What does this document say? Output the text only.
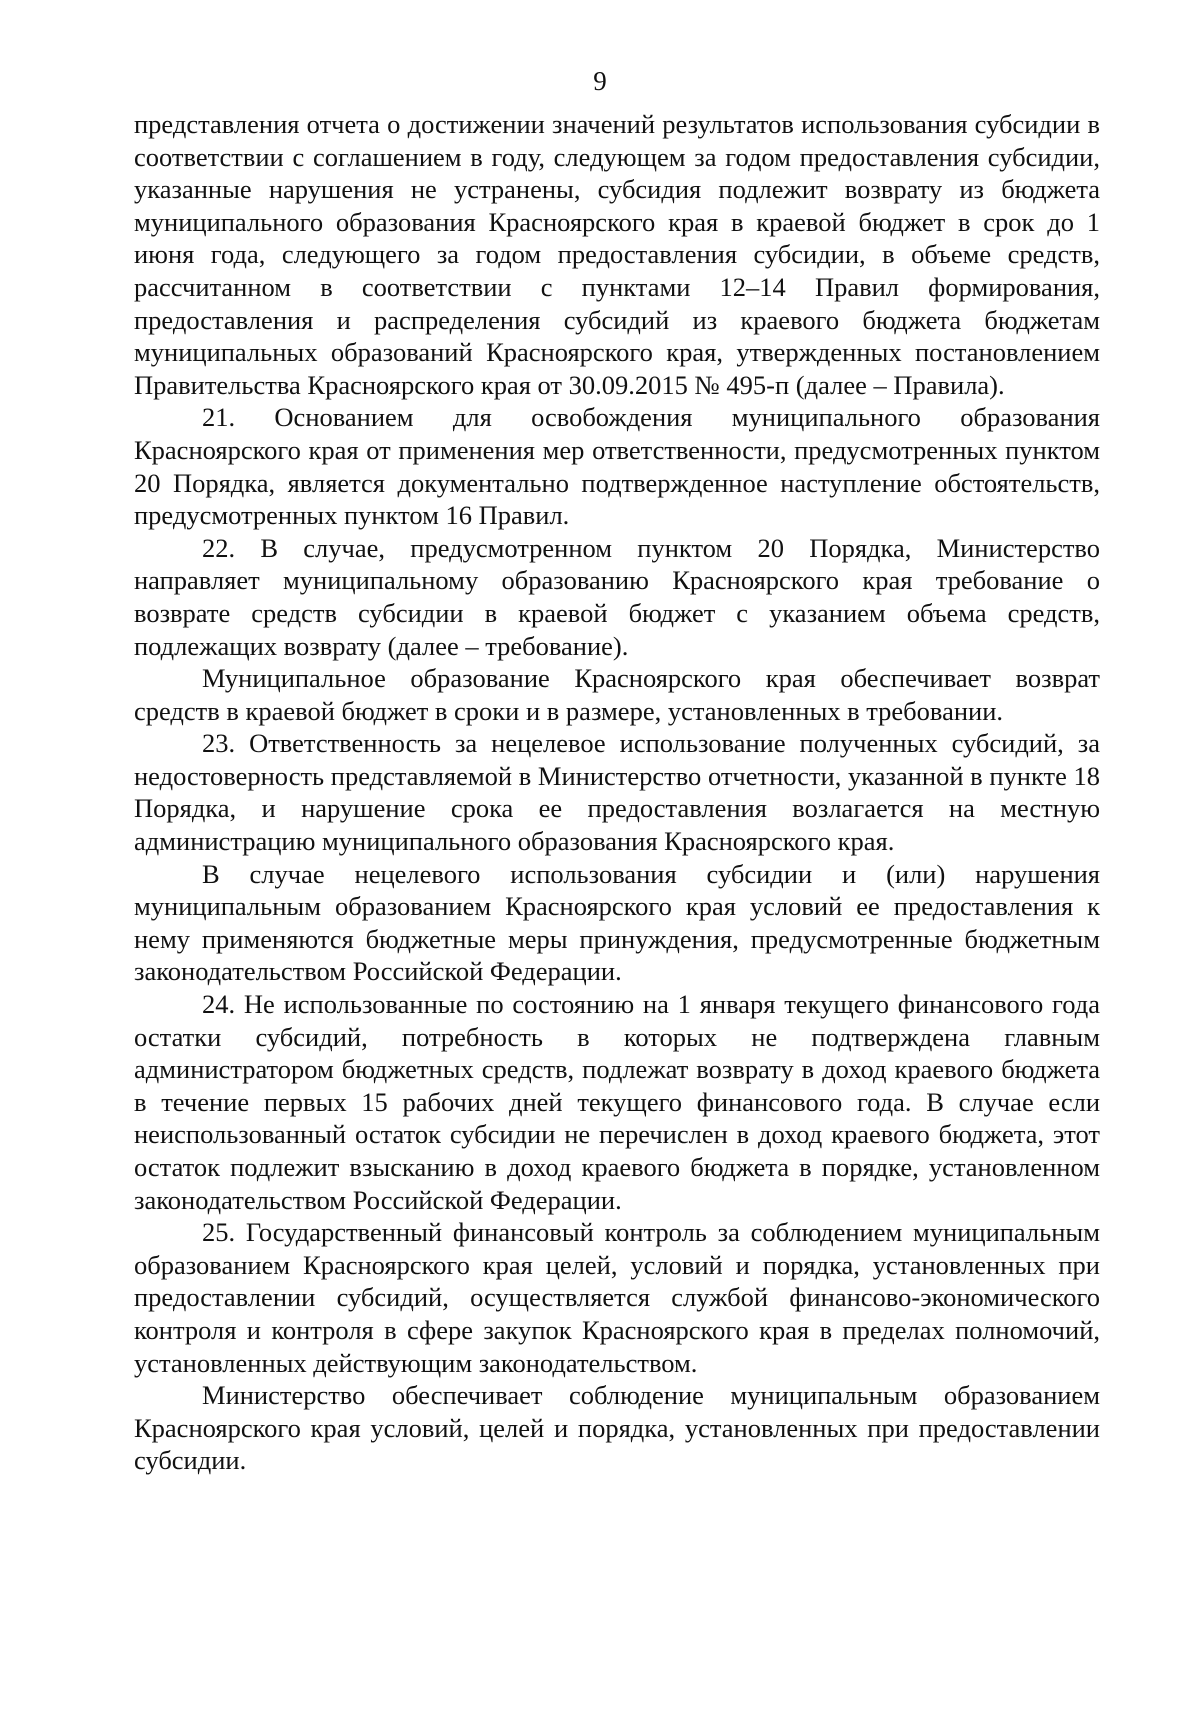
9

представления отчета о достижении значений результатов использования субсидии в соответствии с соглашением в году, следующем за годом предоставления субсидии, указанные нарушения не устранены, субсидия подлежит возврату из бюджета муниципального образования Красноярского края в краевой бюджет в срок до 1 июня года, следующего за годом предоставления субсидии, в объеме средств, рассчитанном в соответствии с пунктами 12–14 Правил формирования, предоставления и распределения субсидий из краевого бюджета бюджетам муниципальных образований Красноярского края, утвержденных постановлением Правительства Красноярского края от 30.09.2015 № 495-п (далее – Правила).

21. Основанием для освобождения муниципального образования Красноярского края от применения мер ответственности, предусмотренных пунктом 20 Порядка, является документально подтвержденное наступление обстоятельств, предусмотренных пунктом 16 Правил.

22. В случае, предусмотренном пунктом 20 Порядка, Министерство направляет муниципальному образованию Красноярского края требование о возврате средств субсидии в краевой бюджет с указанием объема средств, подлежащих возврату (далее – требование).

Муниципальное образование Красноярского края обеспечивает возврат средств в краевой бюджет в сроки и в размере, установленных в требовании.

23. Ответственность за нецелевое использование полученных субсидий, за недостоверность представляемой в Министерство отчетности, указанной в пункте 18 Порядка, и нарушение срока ее предоставления возлагается на местную администрацию муниципального образования Красноярского края.

В случае нецелевого использования субсидии и (или) нарушения муниципальным образованием Красноярского края условий ее предоставления к нему применяются бюджетные меры принуждения, предусмотренные бюджетным законодательством Российской Федерации.

24. Не использованные по состоянию на 1 января текущего финансового года остатки субсидий, потребность в которых не подтверждена главным администратором бюджетных средств, подлежат возврату в доход краевого бюджета в течение первых 15 рабочих дней текущего финансового года. В случае если неиспользованный остаток субсидии не перечислен в доход краевого бюджета, этот остаток подлежит взысканию в доход краевого бюджета в порядке, установленном законодательством Российской Федерации.

25. Государственный финансовый контроль за соблюдением муниципальным образованием Красноярского края целей, условий и порядка, установленных при предоставлении субсидий, осуществляется службой финансово-экономического контроля и контроля в сфере закупок Красноярского края в пределах полномочий, установленных действующим законодательством.

Министерство обеспечивает соблюдение муниципальным образованием Красноярского края условий, целей и порядка, установленных при предоставлении субсидии.
